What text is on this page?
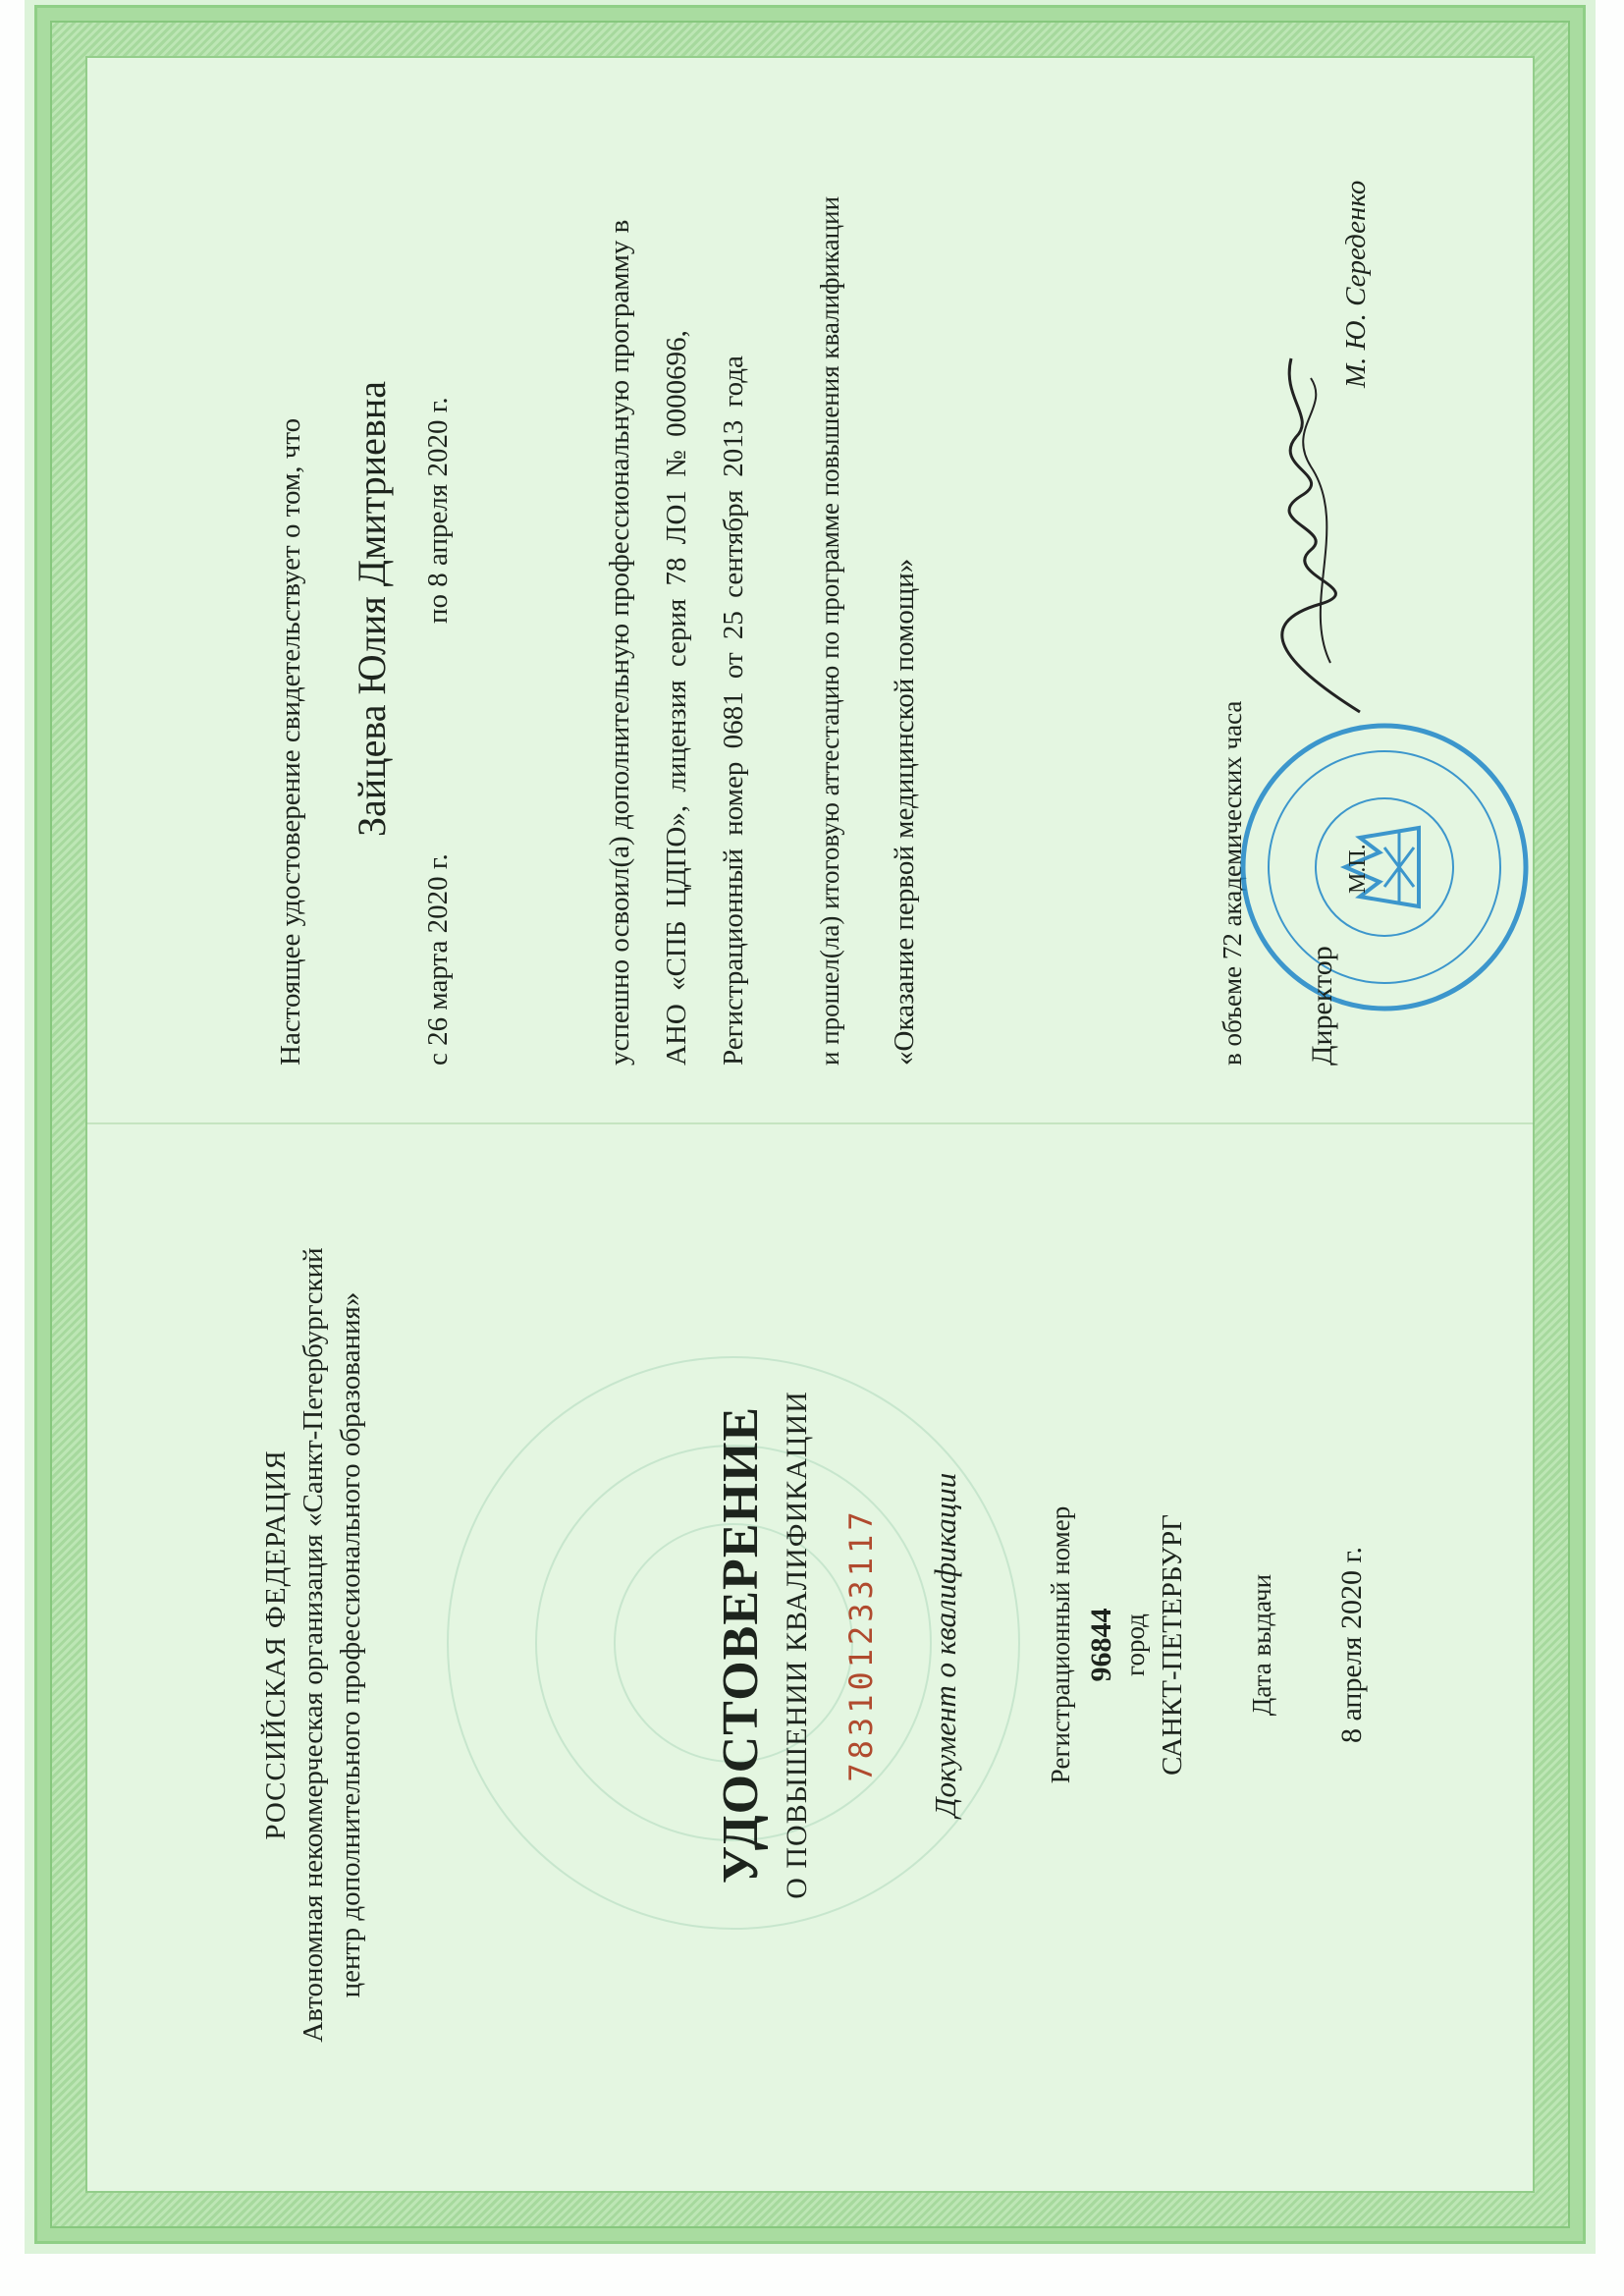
РОССИЙСКАЯ ФЕДЕРАЦИЯ Автономная некоммерческая организация «Санкт-Петербургский центр дополнительного профессионального образования»	УДОСТОВЕРЕНИЕ О ПОВЫШЕНИИ КВАЛИФИКАЦИИ 783101233117 Документ о квалификации	Регистрационный номер 96844 город САНКТ-ПЕТЕРБУРГ Дата выдачи 8 апреля 2020 г.
Настоящее удостоверение свидетельствует о том, что Зайцева Юлия Дмитриевна
с 26 марта 2020 г.
по 8 апреля 2020 г.	успешно освоил(а) дополнительную профессиональную программу в АНО «СПБ ЦДПО», лицензия серия 78 ЛО1 № 0000696, Регистрационный номер 0681 от 25 сентября 2013 года и прошел(ла) итоговую аттестацию по программе повышения квалификации «Оказание первой медицинской помощи»	в объеме 72 академических часа Директор
М.П.
М. Ю. Середенко
